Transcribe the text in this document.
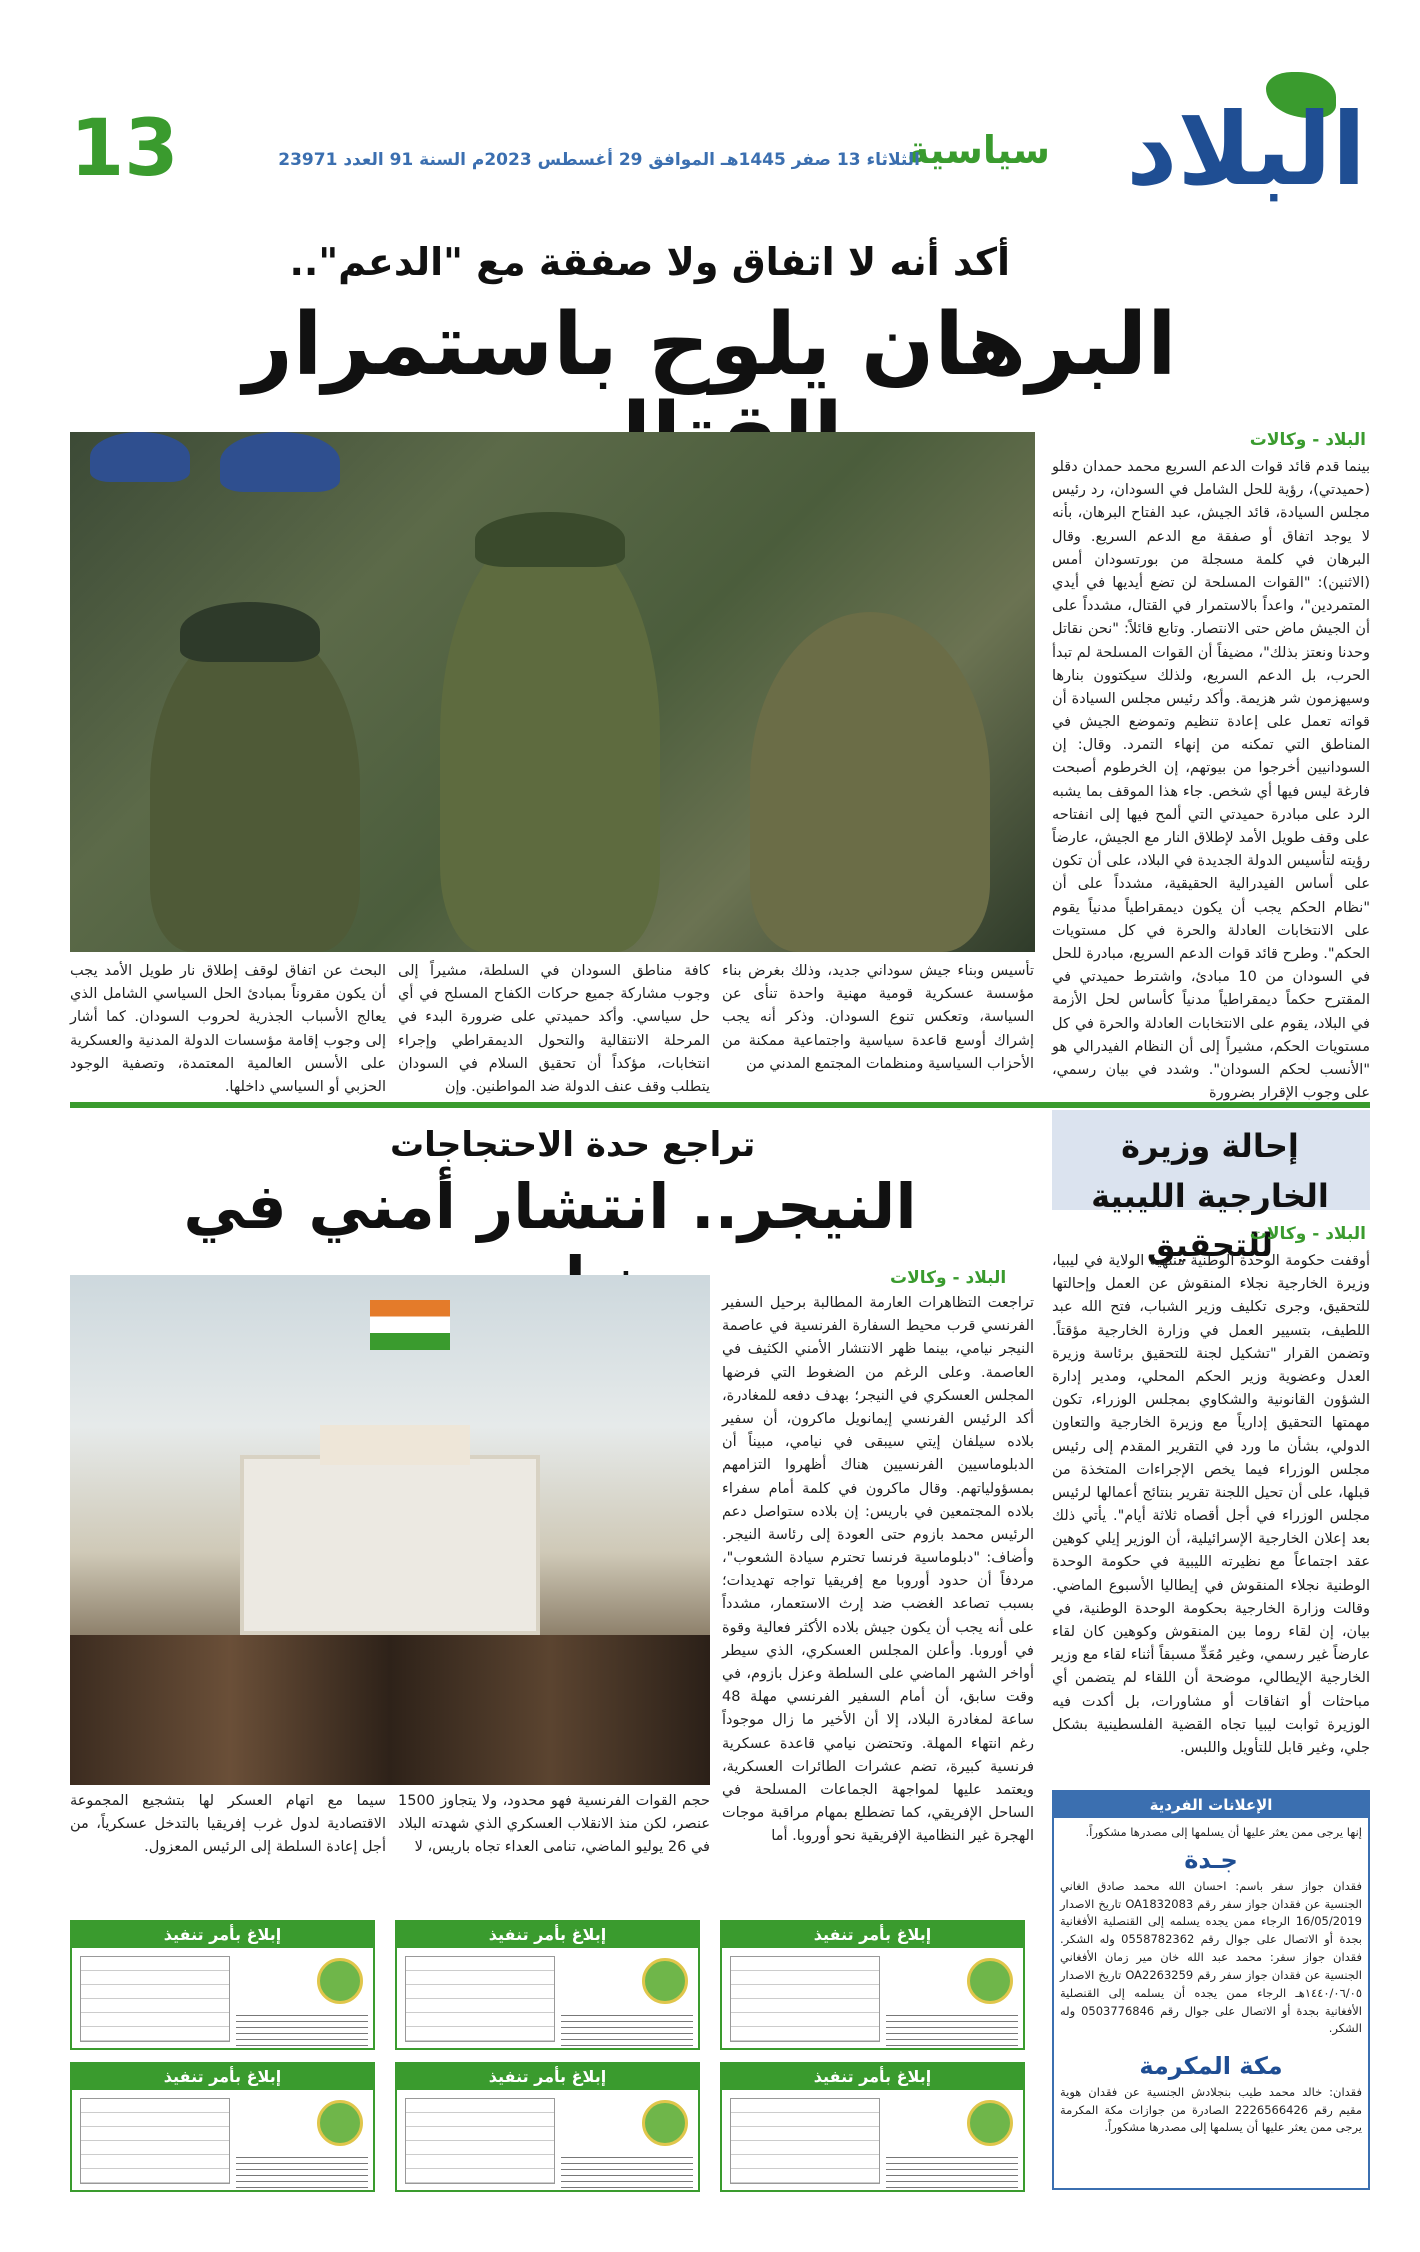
البلاد
سياسية
الثلاثاء 13 صفر 1445هـ الموافق 29 أغسطس 2023م السنة 91 العدد 23971
13
أكد أنه لا اتفاق ولا صفقة مع "الدعم"..
البرهان يلوح باستمرار
البلاد - وكالات
بينما قدم قائد قوات الدعم السريع محمد حمدان دقلو (حميدتي)، رؤية للحل الشامل في السودان، رد رئيس مجلس السيادة، قائد الجيش، عبد الفتاح البرهان، بأنه لا يوجد اتفاق أو صفقة مع الدعم السريع. وقال البرهان في كلمة مسجلة من بورتسودان أمس (الاثنين): "القوات المسلحة لن تضع أيديها في أيدي المتمردين"، واعداً بالاستمرار في القتال، مشدداً على أن الجيش ماض حتى الانتصار. وتابع قائلاً: "نحن نقاتل وحدنا ونعتز بذلك"، مضيفاً أن القوات المسلحة لم تبدأ الحرب، بل الدعم السريع، ولذلك سيكتوون بنارها وسيهزمون شر هزيمة. وأكد رئيس مجلس السيادة أن قواته تعمل على إعادة تنظيم وتموضع الجيش في المناطق التي تمكنه من إنهاء التمرد. وقال: إن السودانيين أخرجوا من بيوتهم، إن الخرطوم أصبحت فارغة ليس فيها أي شخص. جاء هذا الموقف بما يشبه الرد على مبادرة حميدتي التي ألمح فيها إلى انفتاحه على وقف طويل الأمد لإطلاق النار مع الجيش، عارضاً رؤيته لتأسيس الدولة الجديدة في البلاد، على أن تكون على أساس الفيدرالية الحقيقية، مشدداً على أن "نظام الحكم يجب أن يكون ديمقراطياً مدنياً يقوم على الانتخابات العادلة والحرة في كل مستويات الحكم". وطرح قائد قوات الدعم السريع، مبادرة للحل في السودان من 10 مبادئ، واشترط حميدتي في المقترح حكماً ديمقراطياً مدنياً كأساس لحل الأزمة في البلاد، يقوم على الانتخابات العادلة والحرة في كل مستويات الحكم، مشيراً إلى أن النظام الفيدرالي هو "الأنسب لحكم السودان". وشدد في بيان رسمي، على وجوب الإقرار بضرورة
تأسيس وبناء جيش سوداني جديد، وذلك بغرض بناء مؤسسة عسكرية قومية مهنية واحدة تنأى عن السياسة، وتعكس تنوع السودان. وذكر أنه يجب إشراك أوسع قاعدة سياسية واجتماعية ممكنة من الأحزاب السياسية ومنظمات المجتمع المدني من
كافة مناطق السودان في السلطة، مشيراً إلى وجوب مشاركة جميع حركات الكفاح المسلح في أي حل سياسي. وأكد حميدتي على ضرورة البدء في المرحلة الانتقالية والتحول الديمقراطي وإجراء انتخابات، مؤكداً أن تحقيق السلام في السودان يتطلب وقف عنف الدولة ضد المواطنين. وإن
البحث عن اتفاق لوقف إطلاق نار طويل الأمد يجب أن يكون مقروناً بمبادئ الحل السياسي الشامل الذي يعالج الأسباب الجذرية لحروب السودان. كما أشار إلى وجوب إقامة مؤسسات الدولة المدنية والعسكرية على الأسس العالمية المعتمدة، وتصفية الوجود الحزبي أو السياسي داخلها.
إحالة وزيرة الخارجية الليبية للتحقيق
البلاد - وكالات
أوقفت حكومة الوحدة الوطنية منتهية الولاية في ليبيا، وزيرة الخارجية نجلاء المنقوش عن العمل وإحالتها للتحقيق، وجرى تكليف وزير الشباب، فتح الله عبد اللطيف، بتسيير العمل في وزارة الخارجية مؤقتاً. وتضمن القرار "تشكيل لجنة للتحقيق برئاسة وزيرة العدل وعضوية وزير الحكم المحلي، ومدير إدارة الشؤون القانونية والشكاوي بمجلس الوزراء، تكون مهمتها التحقيق إدارياً مع وزيرة الخارجية والتعاون الدولي، بشأن ما ورد في التقرير المقدم إلى رئيس مجلس الوزراء فيما يخص الإجراءات المتخذة من قبلها، على أن تحيل اللجنة تقرير بنتائج أعمالها لرئيس مجلس الوزراء في أجل أقصاه ثلاثة أيام". يأتي ذلك بعد إعلان الخارجية الإسرائيلية، أن الوزير إيلي كوهين عقد اجتماعاً مع نظيرته الليبية في حكومة الوحدة الوطنية نجلاء المنقوش في إيطاليا الأسبوع الماضي. وقالت وزارة الخارجية بحكومة الوحدة الوطنية، في بيان، إن لقاء روما بين المنقوش وكوهين كان لقاء عارضاً غير رسمي، وغير مُعَدٍّ مسبقاً أثناء لقاء مع وزير الخارجية الإيطالي، موضحة أن اللقاء لم يتضمن أي مباحثات أو اتفاقات أو مشاورات، بل أكدت فيه الوزيرة ثوابت ليبيا تجاه القضية الفلسطينية بشكل جلي، وغير قابل للتأويل واللبس.
تراجع حدة الاحتجاجات
النيجر.. انتشار أمني في
البلاد - وكالات
تراجعت التظاهرات العارمة المطالبة برحيل السفير الفرنسي قرب محيط السفارة الفرنسية في عاصمة النيجر نيامي، بينما ظهر الانتشار الأمني الكثيف في العاصمة. وعلى الرغم من الضغوط التي فرضها المجلس العسكري في النيجر؛ بهدف دفعه للمغادرة، أكد الرئيس الفرنسي إيمانويل ماكرون، أن سفير بلاده سيلفان إيتي سيبقى في نيامي، مبيناً أن الدبلوماسيين الفرنسيين هناك أظهروا التزامهم بمسؤولياتهم. وقال ماكرون في كلمة أمام سفراء بلاده المجتمعين في باريس: إن بلاده ستواصل دعم الرئيس محمد بازوم حتى العودة إلى رئاسة النيجر. وأضاف: "دبلوماسية فرنسا تحترم سيادة الشعوب"، مردفاً أن حدود أوروبا مع إفريقيا تواجه تهديدات؛ بسبب تصاعد الغضب ضد إرث الاستعمار، مشدداً على أنه يجب أن يكون جيش بلاده الأكثر فعالية وقوة في أوروبا. وأعلن المجلس العسكري، الذي سيطر أواخر الشهر الماضي على السلطة وعزل بازوم، في وقت سابق، أن أمام السفير الفرنسي مهلة 48 ساعة لمغادرة البلاد، إلا أن الأخير ما زال موجوداً رغم انتهاء المهلة. وتحتضن نيامي قاعدة عسكرية فرنسية كبيرة، تضم عشرات الطائرات العسكرية، ويعتمد عليها لمواجهة الجماعات المسلحة في الساحل الإفريقي، كما تضطلع بمهام مراقبة موجات الهجرة غير النظامية الإفريقية نحو أوروبا. أما
حجم القوات الفرنسية فهو محدود، ولا يتجاوز 1500 عنصر، لكن منذ الانقلاب العسكري الذي شهدته البلاد في 26 يوليو الماضي، تنامى العداء تجاه باريس، لا
سيما مع اتهام العسكر لها بتشجيع المجموعة الاقتصادية لدول غرب إفريقيا بالتدخل عسكرياً، من أجل إعادة السلطة إلى الرئيس المعزول.
الإعلانات الفردية
إنها يرجى ممن يعثر عليها أن يسلمها إلى مصدرها مشكوراً.
جـدة
فقدان جواز سفر باسم: احسان الله محمد صادق الغاني الجنسية عن فقدان جواز سفر رقم OA1832083 تاريخ الاصدار 16/05/2019 الرجاء ممن يجده يسلمه إلى القنصلية الأفغانية بجدة أو الاتصال على جوال رقم 0558782362 وله الشكر. فقدان جواز سفر: محمد عبد الله خان مير زمان الأفغاني الجنسية عن فقدان جواز سفر رقم OA2263259 تاريخ الاصدار ١٤٤٠/٠٦/٠٥هـ الرجاء ممن يجده أن يسلمه إلى القنصلية الأفغانية بجدة أو الاتصال على جوال رقم 0503776846 وله الشكر.
مكة المكرمة
فقدان: خالد محمد طيب بنجلادش الجنسية عن فقدان هوية مقيم رقم 2226566426 الصادرة من جوازات مكة المكرمة يرجى ممن يعثر عليها أن يسلمها إلى مصدرها مشكوراً.
إبلاغ بأمر تنفيذ
إبلاغ بأمر تنفيذ
إبلاغ بأمر تنفيذ
إبلاغ بأمر تنفيذ
إبلاغ بأمر تنفيذ
إبلاغ بأمر تنفيذ
